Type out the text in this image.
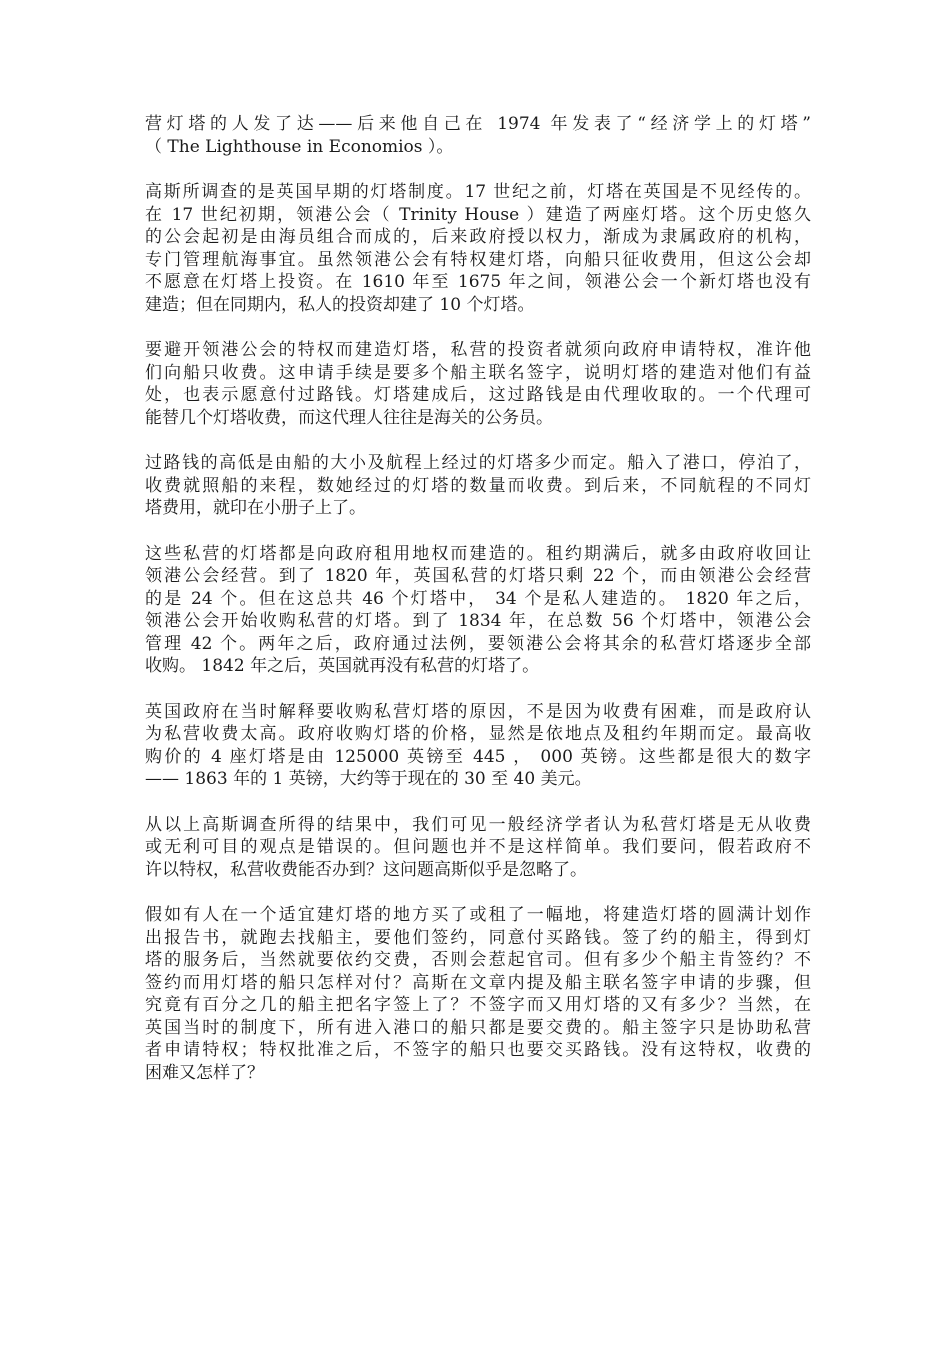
营灯塔的人发了达——后来他自己在 1974 年发表了“经济学上的灯塔”
（ The Lighthouse in Economios ）。

高斯所调查的是英国早期的灯塔制度。17 世纪之前，灯塔在英国是不见经传的。
在 17 世纪初期，领港公会（ Trinity House ）建造了两座灯塔。这个历史悠久
的公会起初是由海员组合而成的，后来政府授以权力，渐成为隶属政府的机构，
专门管理航海事宜。虽然领港公会有特权建灯塔，向船只征收费用，但这公会却
不愿意在灯塔上投资。在 1610 年至 1675 年之间，领港公会一个新灯塔也没有
建造；但在同期内，私人的投资却建了 10 个灯塔。

要避开领港公会的特权而建造灯塔，私营的投资者就须向政府申请特权，准许他
们向船只收费。这申请手续是要多个船主联名签字，说明灯塔的建造对他们有益
处，也表示愿意付过路钱。灯塔建成后，这过路钱是由代理收取的。一个代理可
能替几个灯塔收费，而这代理人往往是海关的公务员。

过路钱的高低是由船的大小及航程上经过的灯塔多少而定。船入了港口，停泊了，
收费就照船的来程，数她经过的灯塔的数量而收费。到后来，不同航程的不同灯
塔费用，就印在小册子上了。

这些私营的灯塔都是向政府租用地权而建造的。租约期满后，就多由政府收回让
领港公会经营。到了 1820 年，英国私营的灯塔只剩 22 个，而由领港公会经营
的是 24 个。但在这总共 46 个灯塔中， 34 个是私人建造的。 1820 年之后，
领港公会开始收购私营的灯塔。到了 1834 年，在总数 56 个灯塔中，领港公会
管理 42 个。两年之后，政府通过法例，要领港公会将其余的私营灯塔逐步全部
收购。 1842 年之后，英国就再没有私营的灯塔了。

英国政府在当时解释要收购私营灯塔的原因，不是因为收费有困难，而是政府认
为私营收费太高。政府收购灯塔的价格，显然是依地点及租约年期而定。最高收
购价的 4 座灯塔是由 125000 英镑至 445 ， 000 英镑。这些都是很大的数字
—— 1863 年的 1 英镑，大约等于现在的 30 至 40 美元。

从以上高斯调查所得的结果中，我们可见一般经济学者认为私营灯塔是无从收费
或无利可目的观点是错误的。但问题也并不是这样简单。我们要问，假若政府不
许以特权，私营收费能否办到？这问题高斯似乎是忽略了。

假如有人在一个适宜建灯塔的地方买了或租了一幅地，将建造灯塔的圆满计划作
出报告书，就跑去找船主，要他们签约，同意付买路钱。签了约的船主，得到灯
塔的服务后，当然就要依约交费，否则会惹起官司。但有多少个船主肯签约？不
签约而用灯塔的船只怎样对付？高斯在文章内提及船主联名签字申请的步骤，但
究竟有百分之几的船主把名字签上了？不签字而又用灯塔的又有多少？当然，在
英国当时的制度下，所有进入港口的船只都是要交费的。船主签字只是协助私营
者申请特权；特权批准之后，不签字的船只也要交买路钱。没有这特权，收费的
困难又怎样了？
